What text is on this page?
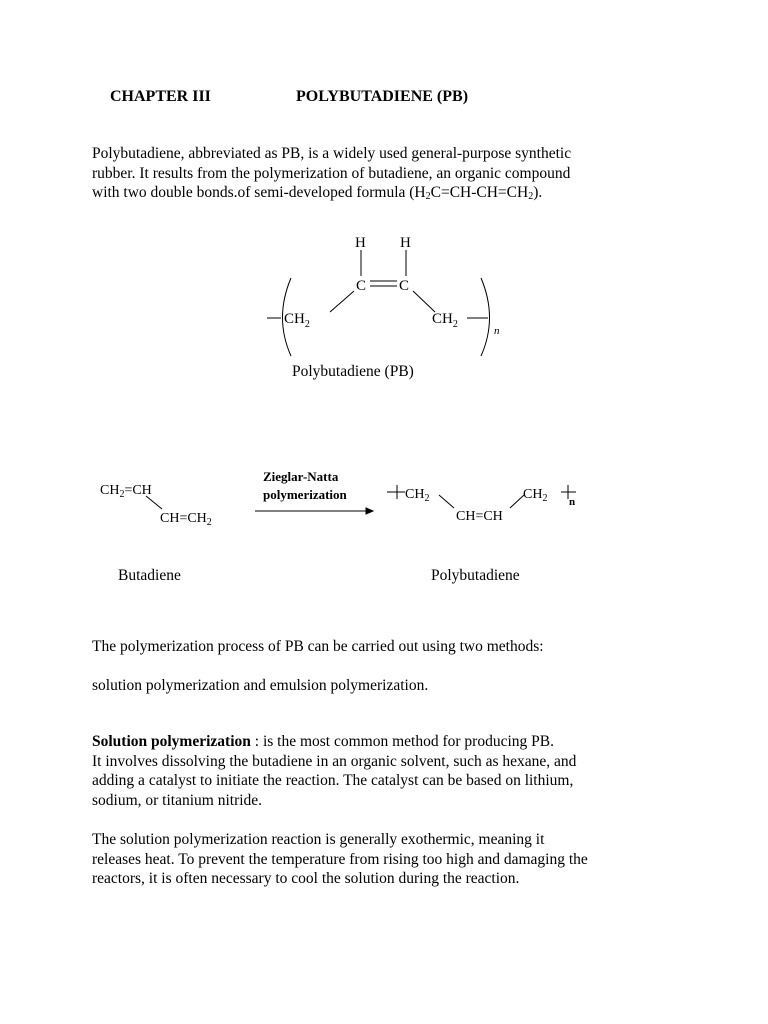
CHAPTER III	POLYBUTADIENE (PB)

Polybutadiene, abbreviated as PB, is a widely used general-purpose synthetic

rubber. It results from the polymerization of butadiene, an organic compound

with two double bonds.of semi-developed formula $(H_2C=CH-CH=CH_2)$.

H H
C C
$CH_2$	$CH_2$
n
Polybutadiene (PB)
$CH_2=CH$
$CH=CH_2$
Zieglar-Natta
polymerization	$CH_2$
CH=CH
$CH_2$ n
Butadiene	Polybutadiene
The polymerization process of PB can be carried out using two methods:
solution polymerization and emulsion polymerization.

Solution polymerization : is the most common method for producing PB.

It involves dissolving the butadiene in an organic solvent, such as hexane, and

adding a catalyst to initiate the reaction. The catalyst can be based on lithium,

sodium, or titanium nitride.

The solution polymerization reaction is generally exothermic, meaning it

releases heat. To prevent the temperature from rising too high and damaging the

reactors, it is often necessary to cool the solution during the reaction.
